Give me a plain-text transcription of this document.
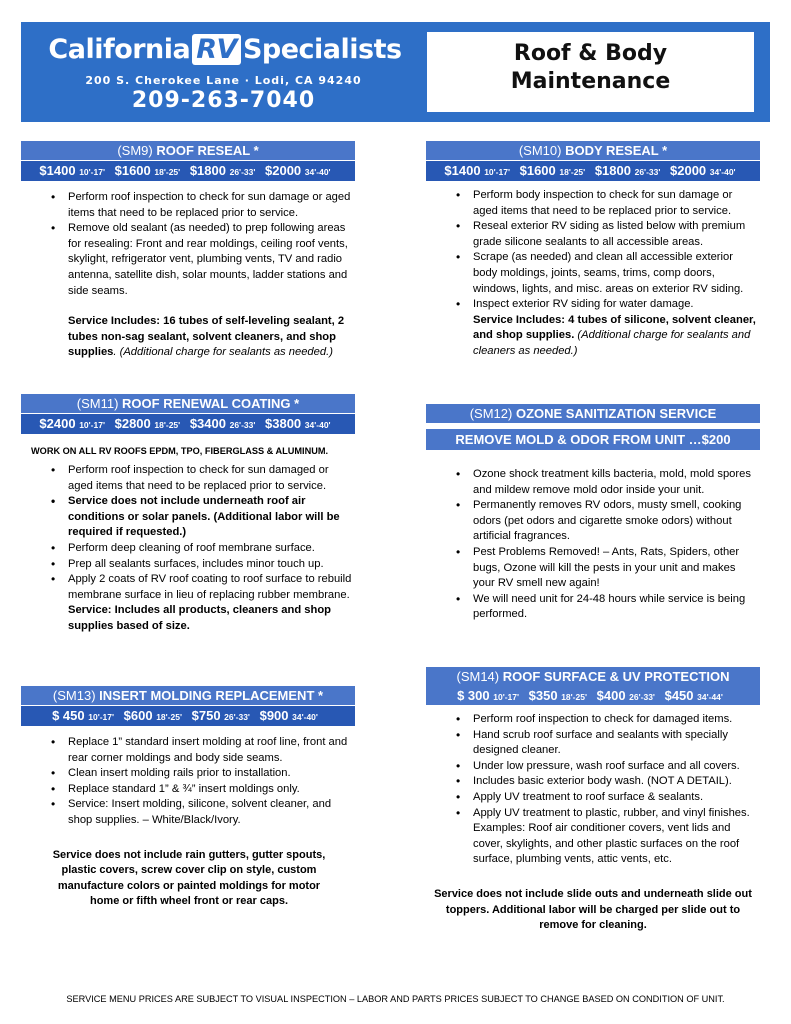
California RV Specialists
200 S. Cherokee Lane · Lodi, CA 94240
209-263-7040
Roof & Body
Maintenance
(SM9) ROOF RESEAL *
$1400 10'-17' $1600 18'-25' $1800 26'-33' $2000 34'-40'
• Perform roof inspection to check for sun damage or aged items that need to be replaced prior to service.
• Remove old sealant (as needed) to prep following areas for resealing: Front and rear moldings, ceiling roof vents, skylight, refrigerator vent, plumbing vents, TV and radio antenna, satellite dish, solar mounts, ladder stations and side seams.
Service Includes: 16 tubes of self-leveling sealant, 2 tubes non-sag sealant, solvent cleaners, and shop supplies. (Additional charge for sealants as needed.)
(SM10) BODY RESEAL *
$1400 10'-17' $1600 18'-25' $1800 26'-33' $2000 34'-40'
• Perform body inspection to check for sun damage or aged items that need to be replaced prior to service.
• Reseal exterior RV siding as listed below with premium grade silicone sealants to all accessible areas.
• Scrape (as needed) and clean all accessible exterior body moldings, joints, seams, trims, comp doors, windows, lights, and misc. areas on exterior RV siding.
• Inspect exterior RV siding for water damage.
Service Includes: 4 tubes of silicone, solvent cleaner, and shop supplies. (Additional charge for sealants and cleaners as needed.)
(SM11) ROOF RENEWAL COATING *
$2400 10'-17' $2800 18'-25' $3400 26'-33' $3800 34'-40'
WORK ON ALL RV ROOFS EPDM, TPO, FIBERGLASS & ALUMINUM.
• Perform roof inspection to check for sun damaged or aged items that need to be replaced prior to service.
• Service does not include underneath roof air conditions or solar panels. (Additional labor will be required if requested.)
• Perform deep cleaning of roof membrane surface.
• Prep all sealants surfaces, includes minor touch up.
• Apply 2 coats of RV roof coating to roof surface to rebuild membrane surface in lieu of replacing rubber membrane.
Service: Includes all products, cleaners and shop supplies based of size.
(SM12) OZONE SANITIZATION SERVICE
REMOVE MOLD & ODOR FROM UNIT …$200
• Ozone shock treatment kills bacteria, mold, mold spores and mildew remove mold odor inside your unit.
• Permanently removes RV odors, musty smell, cooking odors (pet odors and cigarette smoke odors) without artificial fragrances.
• Pest Problems Removed! – Ants, Rats, Spiders, other bugs, Ozone will kill the pests in your unit and makes your RV smell new again!
• We will need unit for 24-48 hours while service is being performed.
(SM13) INSERT MOLDING REPLACEMENT *
$ 450 10'-17' $600 18'-25' $750 26'-33' $900 34'-40'
• Replace 1” standard insert molding at roof line, front and rear corner moldings and body side seams.
• Clean insert molding rails prior to installation.
• Replace standard 1” & ¾” insert moldings only.
• Service: Insert molding, silicone, solvent cleaner, and shop supplies. – White/Black/Ivory.
Service does not include rain gutters, gutter spouts, plastic covers, screw cover clip on style, custom manufacture colors or painted moldings for motor home or fifth wheel front or rear caps.
(SM14) ROOF SURFACE & UV PROTECTION
$ 300 10'-17' $350 18'-25' $400 26'-33' $450 34'-44'
• Perform roof inspection to check for damaged items.
• Hand scrub roof surface and sealants with specially designed cleaner.
• Under low pressure, wash roof surface and all covers.
• Includes basic exterior body wash. (NOT A DETAIL).
• Apply UV treatment to roof surface & sealants.
• Apply UV treatment to plastic, rubber, and vinyl finishes. Examples: Roof air conditioner covers, vent lids and cover, skylights, and other plastic surfaces on the roof surface, plumbing vents, attic vents, etc.
Service does not include slide outs and underneath slide out toppers. Additional labor will be charged per slide out to remove for cleaning.
SERVICE MENU PRICES ARE SUBJECT TO VISUAL INSPECTION – LABOR AND PARTS PRICES SUBJECT TO CHANGE BASED ON CONDITION OF UNIT.
